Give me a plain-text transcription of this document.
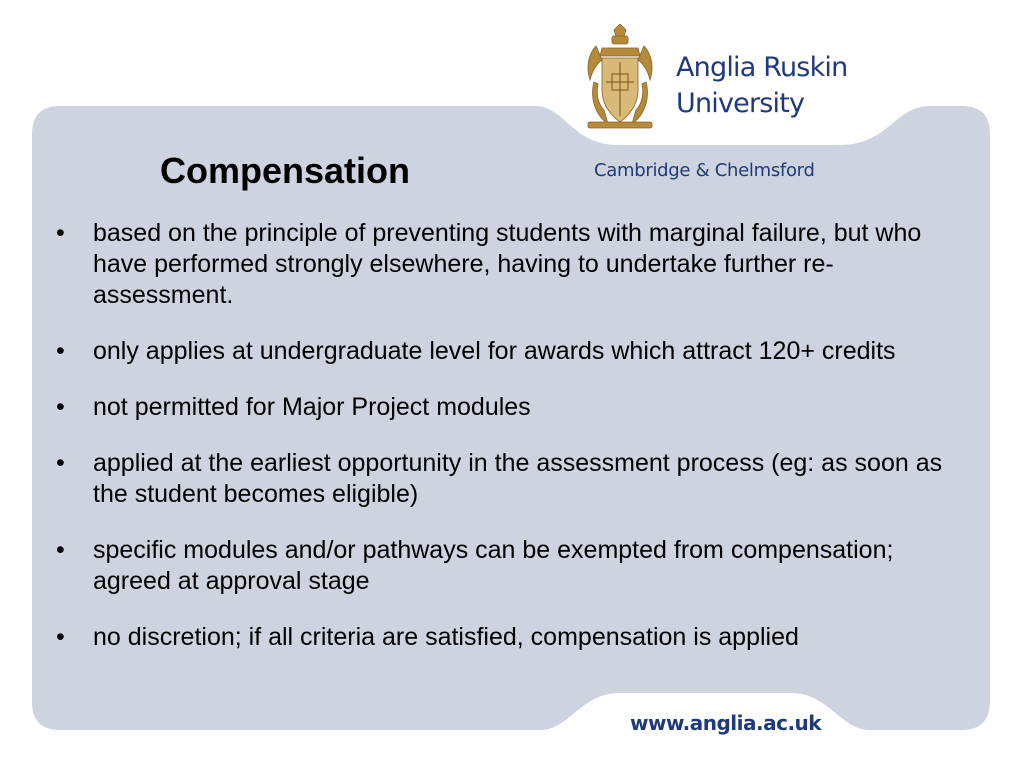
Anglia Ruskin
University
Cambridge & Chelmsford
Compensation
•	based on the principle of preventing students with marginal failure, but who have performed strongly elsewhere, having to undertake further re-assessment.
•	only applies at undergraduate level for awards which attract 120+ credits
•	not permitted for Major Project modules
•	applied at the earliest opportunity in the assessment process (eg: as soon as the student becomes eligible)
•	specific modules and/or pathways can be exempted from compensation; agreed at approval stage
•	no discretion; if all criteria are satisfied, compensation is applied
www.anglia.ac.uk
